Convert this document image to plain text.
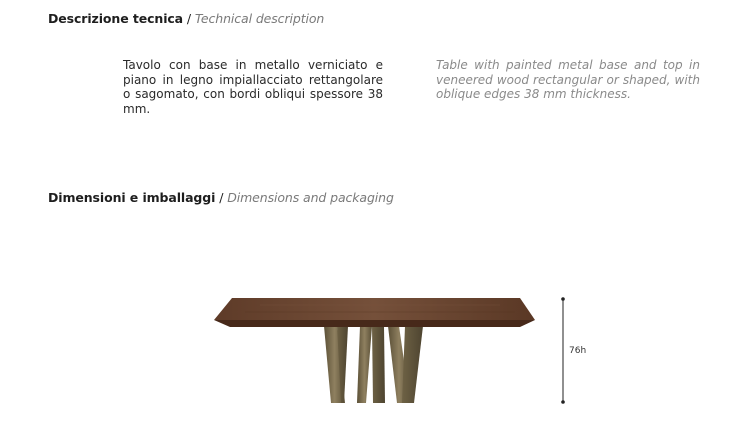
Descrizione tecnica / Technical description
Tavolo con base in metallo verniciato e piano in legno impiallacciato rettangolare o sagomato, con bordi obliqui spessore 38 mm.
Table with painted metal base and top in veneered wood rectangular or shaped, with oblique edges 38 mm thickness.
Dimensioni e imballaggi / Dimensions and packaging
76h
